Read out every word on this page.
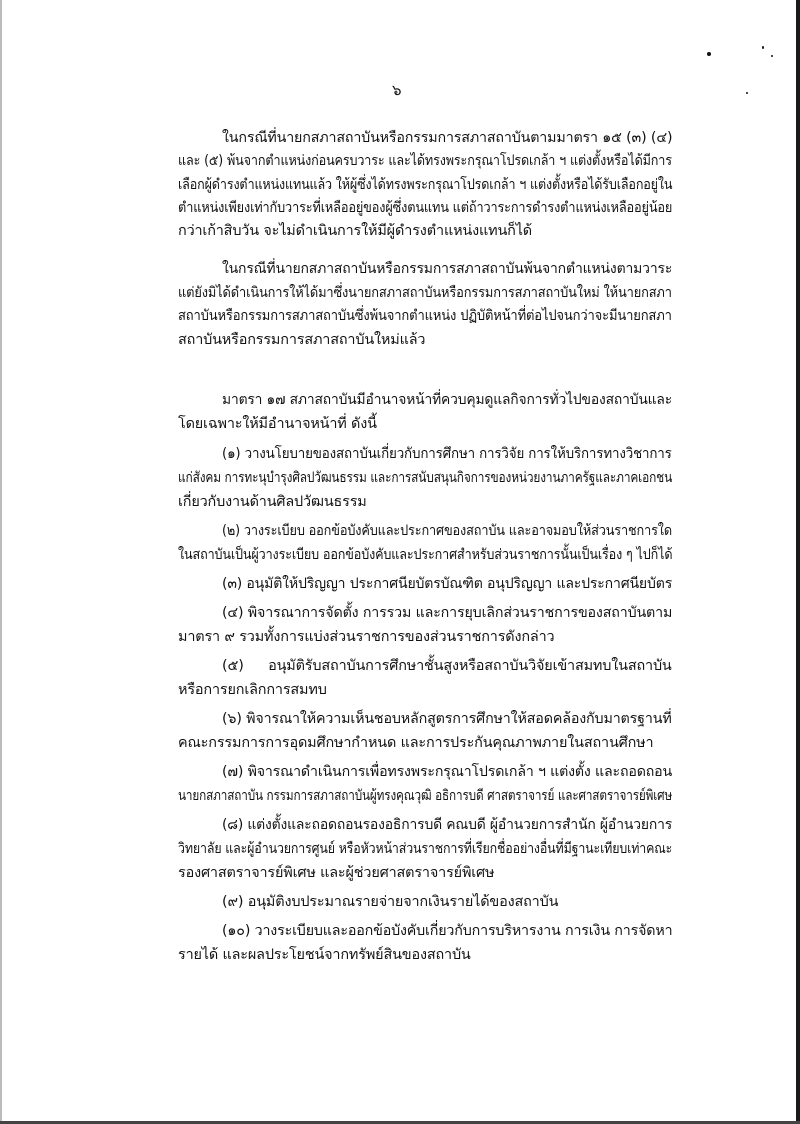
๖
ในกรณีที่นายกสภาสถาบันหรือกรรมการสภาสถาบันตามมาตรา ๑๕ (๓) (๔)
และ (๕) พ้นจากตำแหน่งก่อนครบวาระ และได้ทรงพระกรุณาโปรดเกล้า ฯ แต่งตั้งหรือได้มีการ
เลือกผู้ดำรงตำแหน่งแทนแล้ว ให้ผู้ซึ่งได้ทรงพระกรุณาโปรดเกล้า ฯ แต่งตั้งหรือได้รับเลือกอยู่ใน
ตำแหน่งเพียงเท่ากับวาระที่เหลืออยู่ของผู้ซึ่งตนแทน แต่ถ้าวาระการดำรงตำแหน่งเหลืออยู่น้อย
กว่าเก้าสิบวัน จะไม่ดำเนินการให้มีผู้ดำรงตำแหน่งแทนก็ได้
ในกรณีที่นายกสภาสถาบันหรือกรรมการสภาสถาบันพ้นจากตำแหน่งตามวาระ
แต่ยังมิได้ดำเนินการให้ได้มาซึ่งนายกสภาสถาบันหรือกรรมการสภาสถาบันใหม่ ให้นายกสภา
สถาบันหรือกรรมการสภาสถาบันซึ่งพ้นจากตำแหน่ง ปฏิบัติหน้าที่ต่อไปจนกว่าจะมีนายกสภา
สถาบันหรือกรรมการสภาสถาบันใหม่แล้ว
มาตรา ๑๗ สภาสถาบันมีอำนาจหน้าที่ควบคุมดูแลกิจการทั่วไปของสถาบันและ
โดยเฉพาะให้มีอำนาจหน้าที่ ดังนี้
(๑) วางนโยบายของสถาบันเกี่ยวกับการศึกษา การวิจัย การให้บริการทางวิชาการ
แก่สังคม การทะนุบำรุงศิลปวัฒนธรรม และการสนับสนุนกิจการของหน่วยงานภาครัฐและภาคเอกชน
เกี่ยวกับงานด้านศิลปวัฒนธรรม
(๒) วางระเบียบ ออกข้อบังคับและประกาศของสถาบัน และอาจมอบให้ส่วนราชการใด
ในสถาบันเป็นผู้วางระเบียบ ออกข้อบังคับและประกาศสำหรับส่วนราชการนั้นเป็นเรื่อง ๆ ไปก็ได้
(๓) อนุมัติให้ปริญญา ประกาศนียบัตรบัณฑิต อนุปริญญา และประกาศนียบัตร
(๔) พิจารณาการจัดตั้ง การรวม และการยุบเลิกส่วนราชการของสถาบันตาม
มาตรา ๙ รวมทั้งการแบ่งส่วนราชการของส่วนราชการดังกล่าว
(๕) อนุมัติรับสถาบันการศึกษาชั้นสูงหรือสถาบันวิจัยเข้าสมทบในสถาบัน
หรือการยกเลิกการสมทบ
(๖) พิจารณาให้ความเห็นชอบหลักสูตรการศึกษาให้สอดคล้องกับมาตรฐานที่
คณะกรรมการการอุดมศึกษากำหนด และการประกันคุณภาพภายในสถานศึกษา
(๗) พิจารณาดำเนินการเพื่อทรงพระกรุณาโปรดเกล้า ฯ แต่งตั้ง และถอดถอน
นายกสภาสถาบัน กรรมการสภาสถาบันผู้ทรงคุณวุฒิ อธิการบดี ศาสตราจารย์ และศาสตราจารย์พิเศษ
(๘) แต่งตั้งและถอดถอนรองอธิการบดี คณบดี ผู้อำนวยการสำนัก ผู้อำนวยการ
วิทยาลัย และผู้อำนวยการศูนย์ หรือหัวหน้าส่วนราชการที่เรียกชื่ออย่างอื่นที่มีฐานะเทียบเท่าคณะ
รองศาสตราจารย์พิเศษ และผู้ช่วยศาสตราจารย์พิเศษ
(๙) อนุมัติงบประมาณรายจ่ายจากเงินรายได้ของสถาบัน
(๑๐) วางระเบียบและออกข้อบังคับเกี่ยวกับการบริหารงาน การเงิน การจัดหา
รายได้ และผลประโยชน์จากทรัพย์สินของสถาบัน
